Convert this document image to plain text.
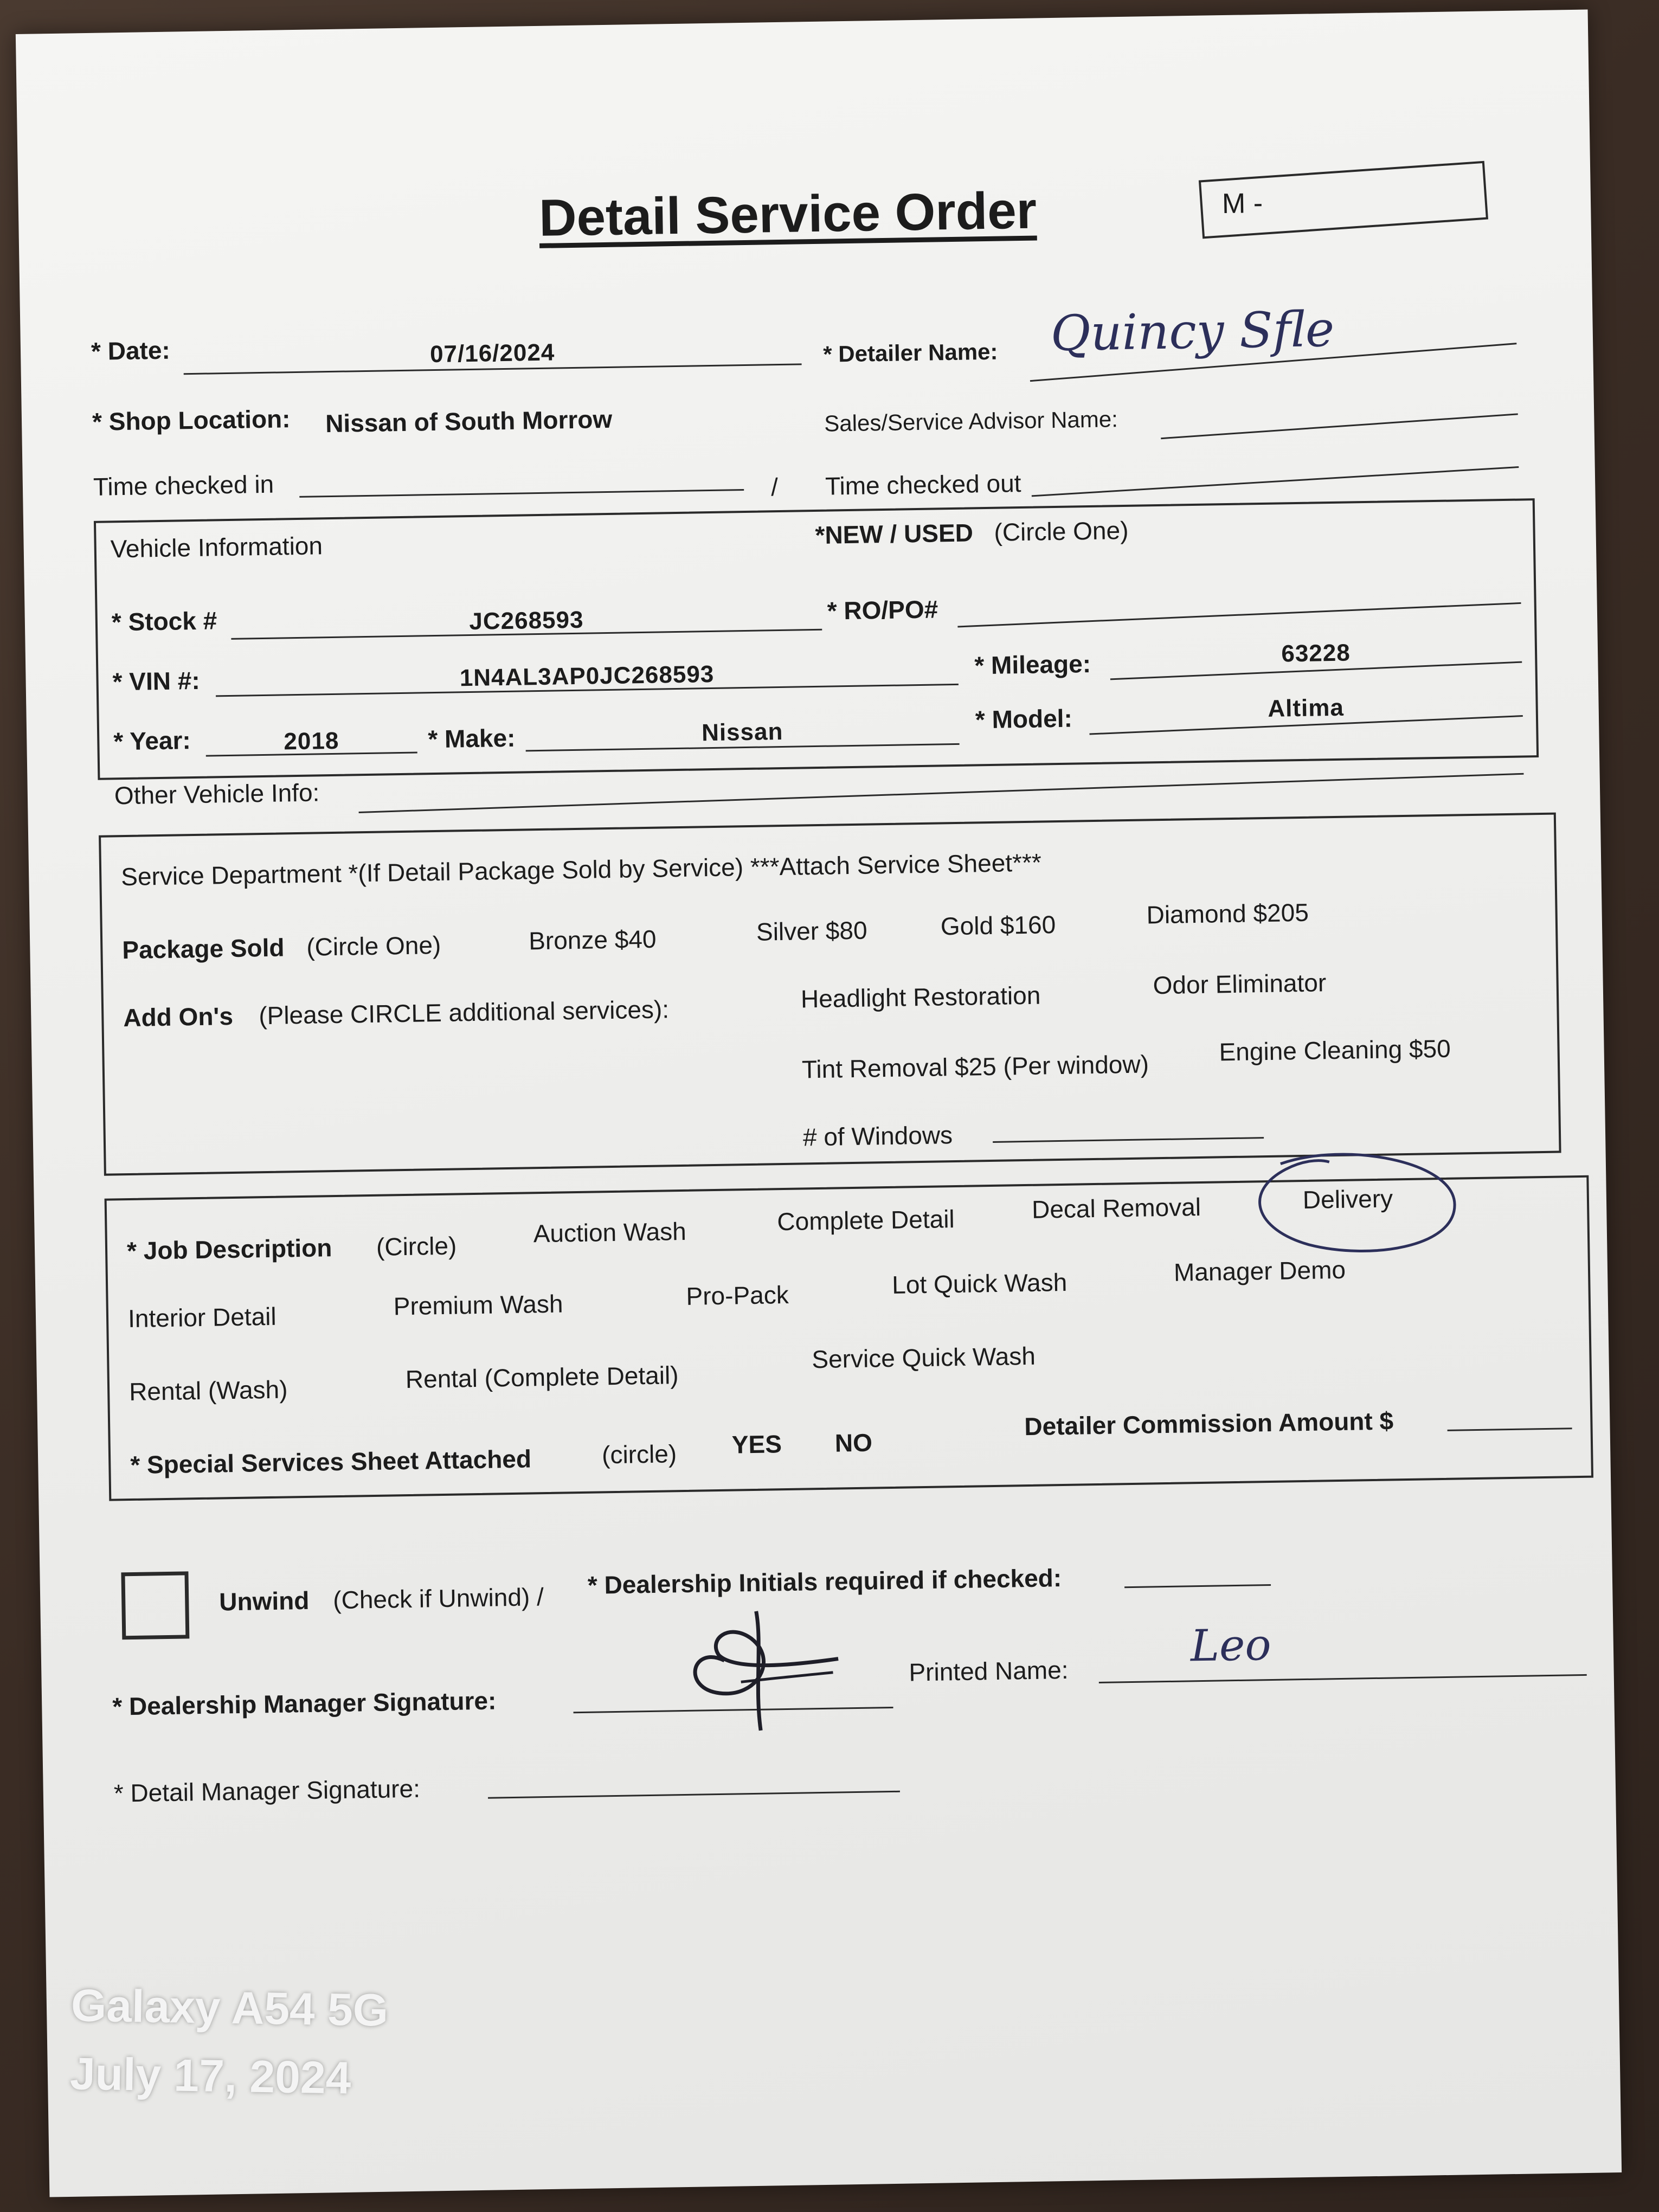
Detail Service Order	M -
* Date:	07/16/2024	* Detailer Name: Quincy Sfle
* Shop Location: Nissan of South Morrow	Sales/Service Advisor Name:
Time checked in	/ Time checked out
Vehicle Information	*NEW / USED (Circle One)
* Stock #	JC268593	* RO/PO#
* VIN #:	1N4AL3AP0JC268593	* Mileage:	63228
* Year:	2018	* Make:	Nissan	* Model:	Altima
Other Vehicle Info:
Service Department *(If Detail Package Sold by Service) ***Attach Service Sheet***
Package Sold (Circle One)	Bronze $40	Silver $80	Gold $160	Diamond $205
Add On's (Please CIRCLE additional services):	Headlight Restoration	Odor Eliminator
Tint Removal $25 (Per window)	Engine Cleaning $50
# of Windows
* Job Description (Circle)	Auction Wash	Complete Detail	Decal Removal	Delivery
Interior Detail	Premium Wash	Pro-Pack	Lot Quick Wash	Manager Demo
Rental (Wash)	Rental (Complete Detail)
Service Quick Wash
* Special Services Sheet Attached	(circle) YES NO
Detailer Commission Amount $
Unwind (Check if Unwind) / * Dealership Initials required if checked:
* Dealership Manager Signature:
Printed Name:	Leo
* Detail Manager Signature:
Galaxy A54 5G
July 17, 2024
